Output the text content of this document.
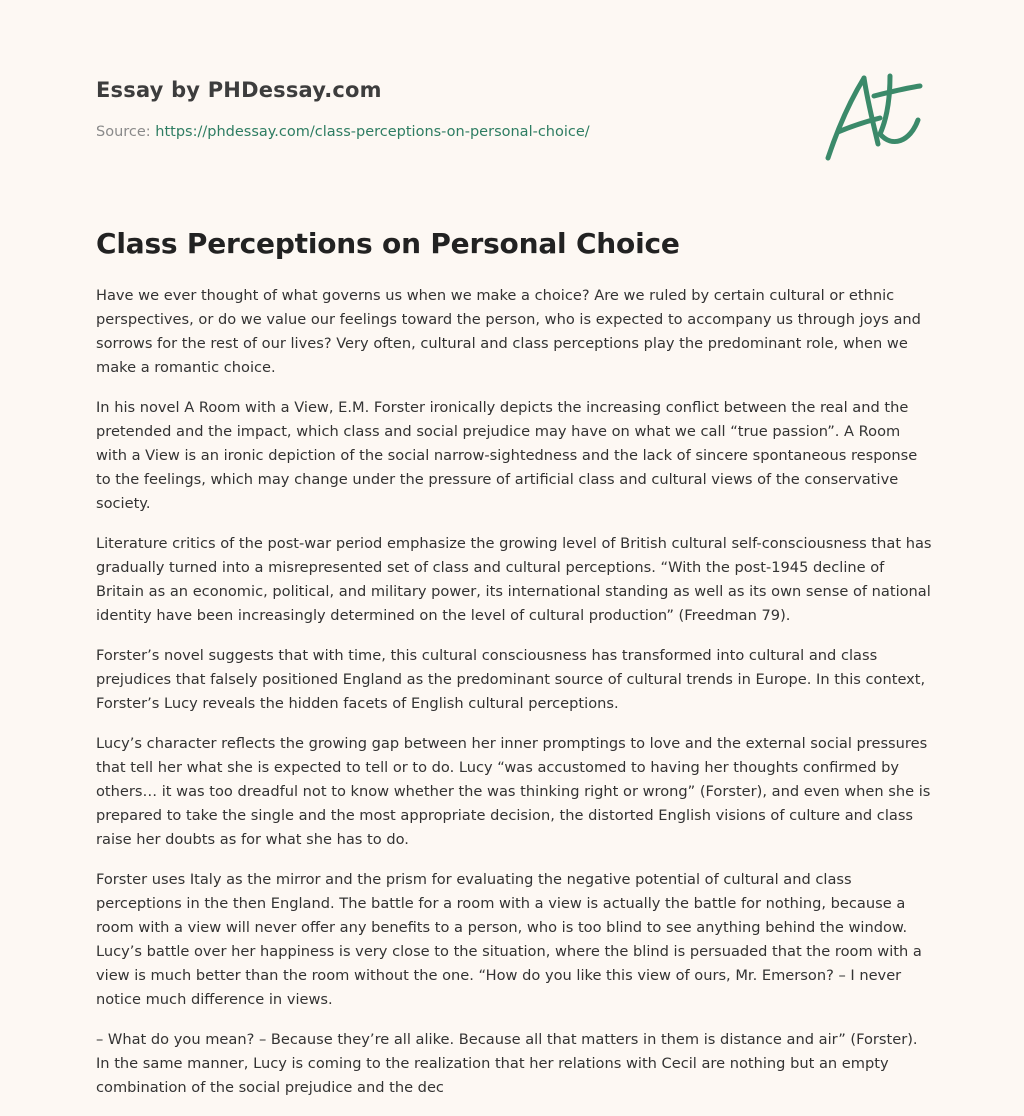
Essay by PHDessay.com
Source: https://phdessay.com/class-perceptions-on-personal-choice/
Class Perceptions on Personal Choice

Have we ever thought of what governs us when we make a choice? Are we ruled by certain cultural or ethnic perspectives, or do we value our feelings toward the person, who is expected to accompany us through joys and sorrows for the rest of our lives? Very often, cultural and class perceptions play the predominant role, when we make a romantic choice.

In his novel A Room with a View, E.M. Forster ironically depicts the increasing conflict between the real and the pretended and the impact, which class and social prejudice may have on what we call “true passion”. A Room with a View is an ironic depiction of the social narrow-sightedness and the lack of sincere spontaneous response to the feelings, which may change under the pressure of artificial class and cultural views of the conservative society.

Literature critics of the post-war period emphasize the growing level of British cultural self-consciousness that has gradually turned into a misrepresented set of class and cultural perceptions. “With the post-1945 decline of Britain as an economic, political, and military power, its international standing as well as its own sense of national identity have been increasingly determined on the level of cultural production” (Freedman 79).

Forster’s novel suggests that with time, this cultural consciousness has transformed into cultural and class prejudices that falsely positioned England as the predominant source of cultural trends in Europe. In this context, Forster’s Lucy reveals the hidden facets of English cultural perceptions.

Lucy’s character reflects the growing gap between her inner promptings to love and the external social pressures that tell her what she is expected to tell or to do. Lucy “was accustomed to having her thoughts confirmed by others… it was too dreadful not to know whether the was thinking right or wrong” (Forster), and even when she is prepared to take the single and the most appropriate decision, the distorted English visions of culture and class raise her doubts as for what she has to do.

Forster uses Italy as the mirror and the prism for evaluating the negative potential of cultural and class perceptions in the then England. The battle for a room with a view is actually the battle for nothing, because a room with a view will never offer any benefits to a person, who is too blind to see anything behind the window. Lucy’s battle over her happiness is very close to the situation, where the blind is persuaded that the room with a view is much better than the room without the one. “How do you like this view of ours, Mr. Emerson? – I never notice much difference in views.

– What do you mean? – Because they’re all alike. Because all that matters in them is distance and air” (Forster). In the same manner, Lucy is coming to the realization that her relations with Cecil are nothing but an empty combination of the social prejudice and the dec
